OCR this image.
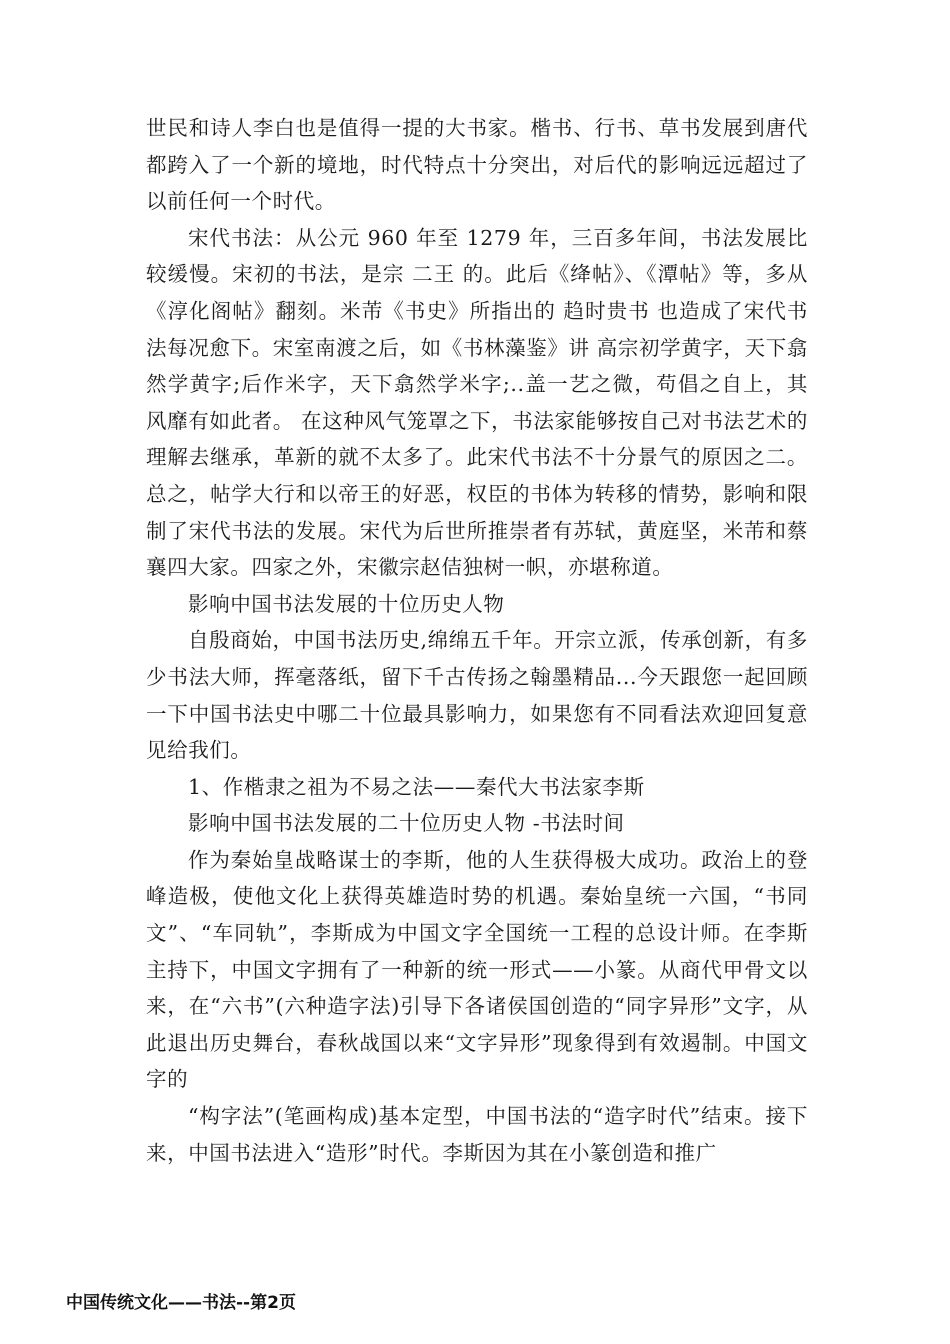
世民和诗人李白也是值得一提的大书家。楷书、行书、草书发展到唐代都跨入了一个新的境地，时代特点十分突出，对后代的影响远远超过了以前任何一个时代。

宋代书法：从公元 960 年至 1279 年，三百多年间，书法发展比较缓慢。宋初的书法，是宗 二王 的。此后《绛帖》、《潭帖》等，多从《淳化阁帖》翻刻。米芾《书史》所指出的 趋时贵书 也造成了宋代书法每况愈下。宋室南渡之后，如《书林藻鉴》讲 高宗初学黄字，天下翕然学黄字;后作米字，天下翕然学米字;..盖一艺之微，苟倡之自上，其风靡有如此者。 在这种风气笼罩之下，书法家能够按自己对书法艺术的理解去继承，革新的就不太多了。此宋代书法不十分景气的原因之二。总之，帖学大行和以帝王的好恶，权臣的书体为转移的情势，影响和限制了宋代书法的发展。宋代为后世所推崇者有苏轼，黄庭坚，米芾和蔡襄四大家。四家之外，宋徽宗赵佶独树一帜，亦堪称道。

影响中国书法发展的十位历史人物

自殷商始，中国书法历史,绵绵五千年。开宗立派，传承创新，有多少书法大师，挥毫落纸，留下千古传扬之翰墨精品...今天跟您一起回顾一下中国书法史中哪二十位最具影响力，如果您有不同看法欢迎回复意见给我们。

1、作楷隶之祖为不易之法——秦代大书法家李斯

影响中国书法发展的二十位历史人物 -书法时间

作为秦始皇战略谋士的李斯，他的人生获得极大成功。政治上的登峰造极，使他文化上获得英雄造时势的机遇。秦始皇统一六国，“书同文”、“车同轨”，李斯成为中国文字全国统一工程的总设计师。在李斯主持下，中国文字拥有了一种新的统一形式——小篆。从商代甲骨文以来，在“六书”(六种造字法)引导下各诸侯国创造的“同字异形”文字，从此退出历史舞台，春秋战国以来“文字异形”现象得到有效遏制。中国文字的

“构字法”(笔画构成)基本定型，中国书法的“造字时代”结束。接下来，中国书法进入“造形”时代。李斯因为其在小篆创造和推广

中国传统文化——书法--第2页
